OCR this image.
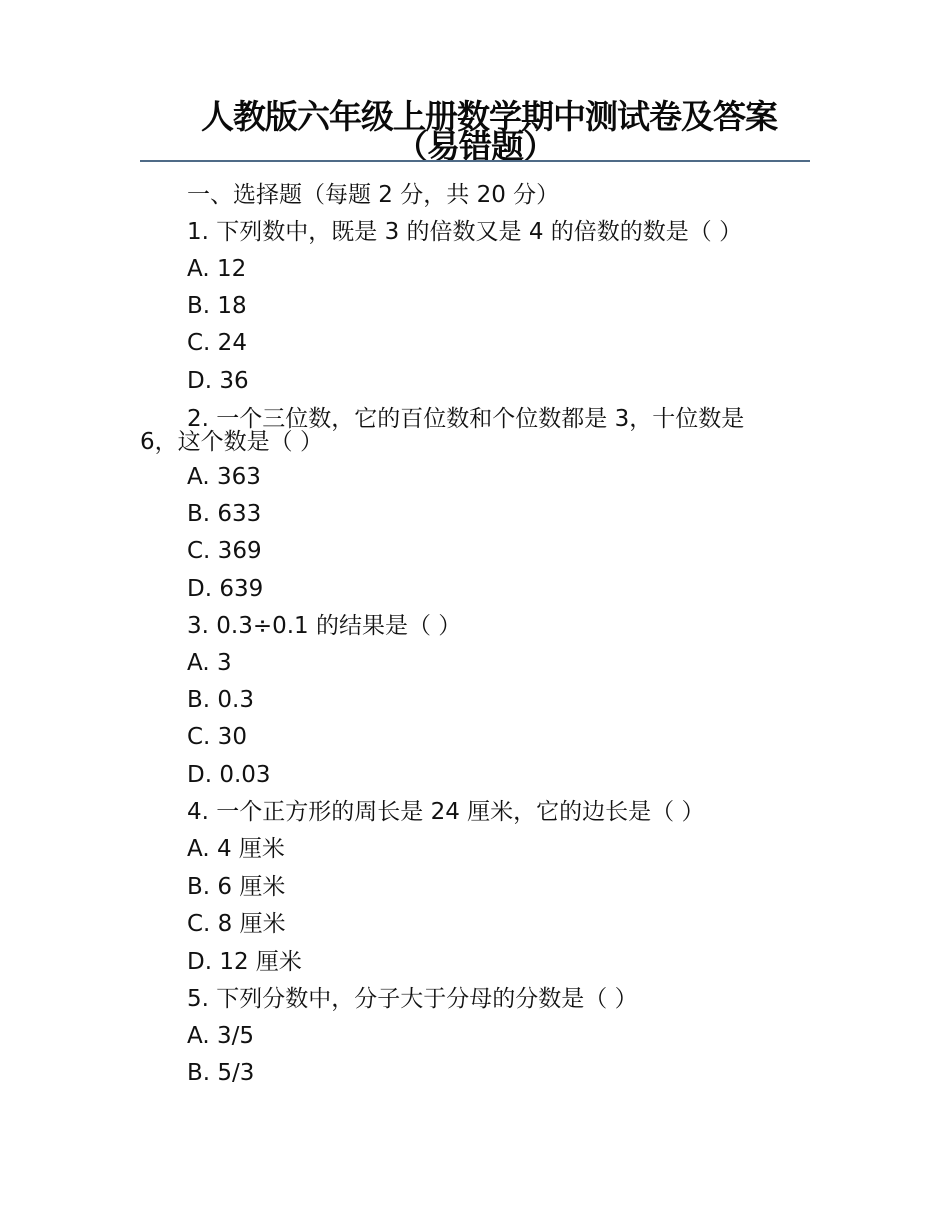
人教版六年级上册数学期中测试卷及答案
（易错题）
一、选择题（每题 2 分，共 20 分）
1. 下列数中，既是 3 的倍数又是 4 的倍数的数是（ ）
A. 12
B. 18
C. 24
D. 36
2. 一个三位数，它的百位数和个位数都是 3，十位数是
6，这个数是（ ）
A. 363
B. 633
C. 369
D. 639
3. 0.3÷0.1 的结果是（ ）
A. 3
B. 0.3
C. 30
D. 0.03
4. 一个正方形的周长是 24 厘米，它的边长是（ ）
A. 4 厘米
B. 6 厘米
C. 8 厘米
D. 12 厘米
5. 下列分数中，分子大于分母的分数是（ ）
A. 3/5
B. 5/3
